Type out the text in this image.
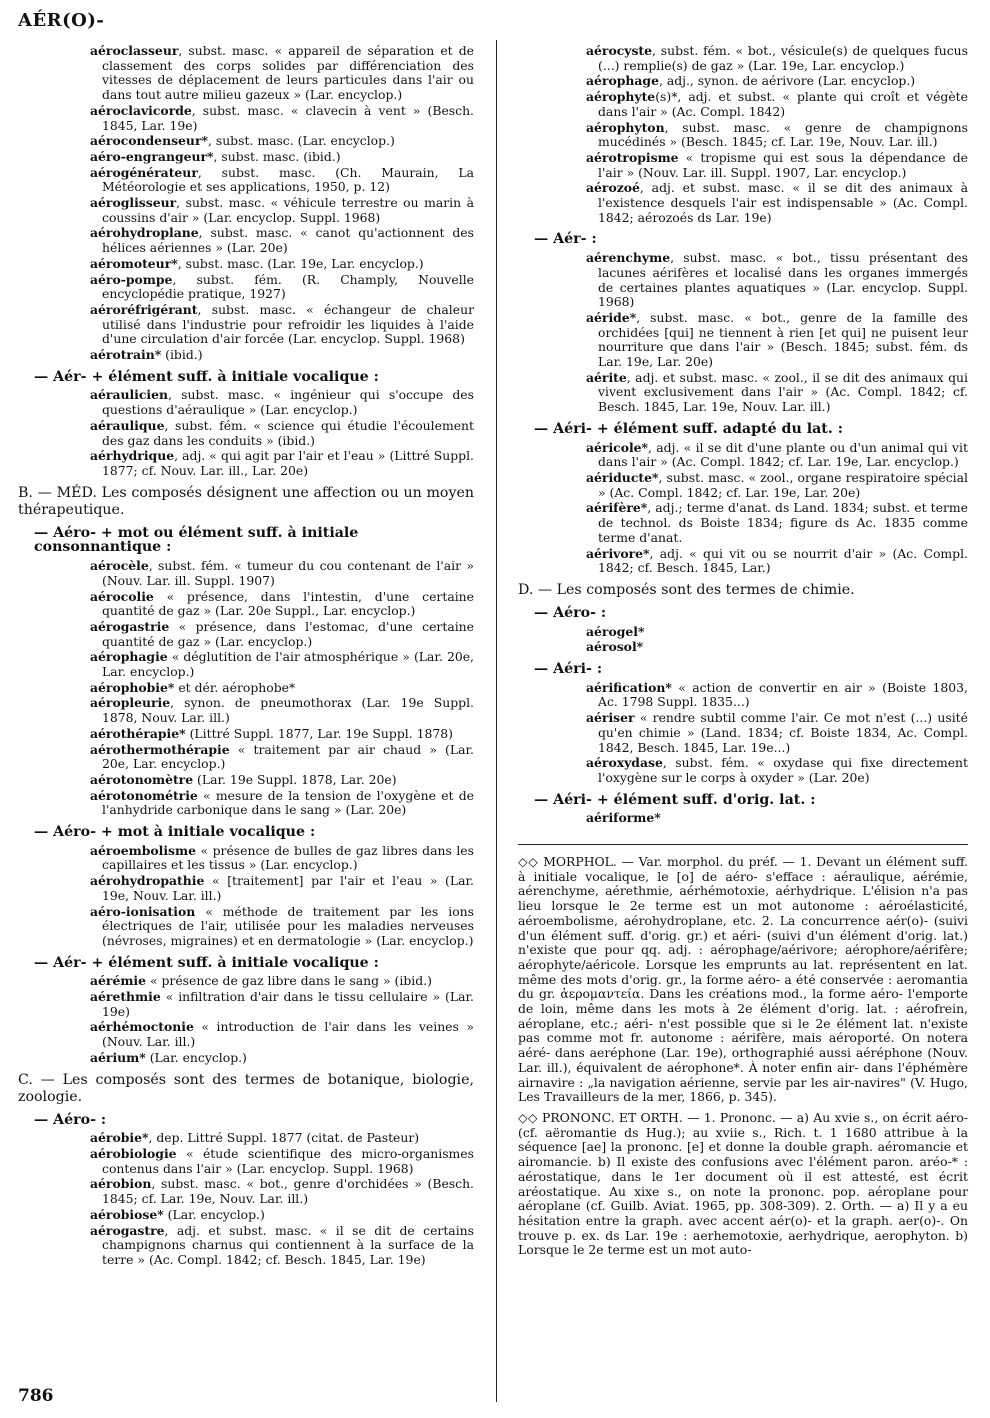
AÉR(O)-
aéroclasseur, subst. masc. « appareil de séparation et de classement des corps solides par différenciation des vitesses de déplacement de leurs particules dans l'air ou dans tout autre milieu gazeux » (Lar. encyclop.)
aéroclavicorde, subst. masc. « clavecin à vent » (Besch. 1845, Lar. 19e)
aérocondenseur*, subst. masc. (Lar. encyclop.)
aéro-engrangeur*, subst. masc. (ibid.)
aérogénérateur, subst. masc. (Ch. Maurain, La Météorologie et ses applications, 1950, p. 12)
aéroglisseur, subst. masc. « véhicule terrestre ou marin à coussins d'air » (Lar. encyclop. Suppl. 1968)
aérohydroplane, subst. masc. « canot qu'actionnent des hélices aériennes » (Lar. 20e)
aéromoteur*, subst. masc. (Lar. 19e, Lar. encyclop.)
aéro-pompe, subst. fém. (R. Champly, Nouvelle encyclopédie pratique, 1927)
aéroréfrigérant, subst. masc. « échangeur de chaleur utilisé dans l'industrie pour refroidir les liquides à l'aide d'une circulation d'air forcée (Lar. encyclop. Suppl. 1968)
aérotrain* (ibid.)
— Aér- + élément suff. à initiale vocalique :
aéraulicien, subst. masc. « ingénieur qui s'occupe des questions d'aéraulique » (Lar. encyclop.)
aéraulique, subst. fém. « science qui étudie l'écoulement des gaz dans les conduits » (ibid.)
aérhydrique, adj. « qui agit par l'air et l'eau » (Littré Suppl. 1877; cf. Nouv. Lar. ill., Lar. 20e)
B. — MÉD. Les composés désignent une affection ou un moyen thérapeutique.
— Aéro- + mot ou élément suff. à initiale consonnantique :
aérocèle, subst. fém. « tumeur du cou contenant de l'air » (Nouv. Lar. ill. Suppl. 1907)
aérocolie « présence, dans l'intestin, d'une certaine quantité de gaz » (Lar. 20e Suppl., Lar. encyclop.)
aérogastrie « présence, dans l'estomac, d'une certaine quantité de gaz » (Lar. encyclop.)
aérophagie « déglutition de l'air atmosphérique » (Lar. 20e, Lar. encyclop.)
aérophobie* et dér. aérophobe*
aéropleurie, synon. de pneumothorax (Lar. 19e Suppl. 1878, Nouv. Lar. ill.)
aérothérapie* (Littré Suppl. 1877, Lar. 19e Suppl. 1878)
aérothermothérapie « traitement par air chaud » (Lar. 20e, Lar. encyclop.)
aérotonomètre (Lar. 19e Suppl. 1878, Lar. 20e)
aérotonométrie « mesure de la tension de l'oxygène et de l'anhydride carbonique dans le sang » (Lar. 20e)
— Aéro- + mot à initiale vocalique :
aéroembolisme « présence de bulles de gaz libres dans les capillaires et les tissus » (Lar. encyclop.)
aérohydropathie « [traitement] par l'air et l'eau » (Lar. 19e, Nouv. Lar. ill.)
aéro-ionisation « méthode de traitement par les ions électriques de l'air, utilisée pour les maladies nerveuses (névroses, migraines) et en dermatologie » (Lar. encyclop.)
— Aér- + élément suff. à initiale vocalique :
aérémie « présence de gaz libre dans le sang » (ibid.)
aérethmie « infiltration d'air dans le tissu cellulaire » (Lar. 19e)
aérhémoctonie « introduction de l'air dans les veines » (Nouv. Lar. ill.)
aérium* (Lar. encyclop.)
C. — Les composés sont des termes de botanique, biologie, zoologie.
— Aéro- :
aérobie*, dep. Littré Suppl. 1877 (citat. de Pasteur)
aérobiologie « étude scientifique des micro-organismes contenus dans l'air » (Lar. encyclop. Suppl. 1968)
aérobion, subst. masc. « bot., genre d'orchidées » (Besch. 1845; cf. Lar. 19e, Nouv. Lar. ill.)
aérobiose* (Lar. encyclop.)
aérogastre, adj. et subst. masc. « il se dit de certains champignons charnus qui contiennent à la surface de la terre » (Ac. Compl. 1842; cf. Besch. 1845, Lar. 19e)
aérocyste, subst. fém. « bot., vésicule(s) de quelques fucus (...) remplie(s) de gaz » (Lar. 19e, Lar. encyclop.)
aérophage, adj., synon. de aérivore (Lar. encyclop.)
aérophyte(s)*, adj. et subst. « plante qui croît et végète dans l'air » (Ac. Compl. 1842)
aérophyton, subst. masc. « genre de champignons mucédinés » (Besch. 1845; cf. Lar. 19e, Nouv. Lar. ill.)
aérotropisme « tropisme qui est sous la dépendance de l'air » (Nouv. Lar. ill. Suppl. 1907, Lar. encyclop.)
aérozoé, adj. et subst. masc. « il se dit des animaux à l'existence desquels l'air est indispensable » (Ac. Compl. 1842; aérozoés ds Lar. 19e)
— Aér- :
aérenchyme, subst. masc. « bot., tissu présentant des lacunes aérifères et localisé dans les organes immergés de certaines plantes aquatiques » (Lar. encyclop. Suppl. 1968)
aéride*, subst. masc. « bot., genre de la famille des orchidées [qui] ne tiennent à rien [et qui] ne puisent leur nourriture que dans l'air » (Besch. 1845; subst. fém. ds Lar. 19e, Lar. 20e)
aérite, adj. et subst. masc. « zool., il se dit des animaux qui vivent exclusivement dans l'air » (Ac. Compl. 1842; cf. Besch. 1845, Lar. 19e, Nouv. Lar. ill.)
— Aéri- + élément suff. adapté du lat. :
aéricole*, adj. « il se dit d'une plante ou d'un animal qui vit dans l'air » (Ac. Compl. 1842; cf. Lar. 19e, Lar. encyclop.)
aériducte*, subst. masc. « zool., organe respiratoire spécial » (Ac. Compl. 1842; cf. Lar. 19e, Lar. 20e)
aérifère*, adj.; terme d'anat. ds Land. 1834; subst. et terme de technol. ds Boiste 1834; figure ds Ac. 1835 comme terme d'anat.
aérivore*, adj. « qui vit ou se nourrit d'air » (Ac. Compl. 1842; cf. Besch. 1845, Lar.)
D. — Les composés sont des termes de chimie.
— Aéro- :
aérogel*
aérosol*
— Aéri- :
aérification* « action de convertir en air » (Boiste 1803, Ac. 1798 Suppl. 1835...)
aériser « rendre subtil comme l'air. Ce mot n'est (...) usité qu'en chimie » (Land. 1834; cf. Boiste 1834, Ac. Compl. 1842, Besch. 1845, Lar. 19e...)
aéroxydase, subst. fém. « oxydase qui fixe directement l'oxygène sur le corps à oxyder » (Lar. 20e)
— Aéri- + élément suff. d'orig. lat. :
aériforme*
◇◇ MORPHOL. — Var. morphol. du préf. — 1. Devant un élément suff. à initiale vocalique, le [o] de aéro- s'efface : aéraulique, aérémie, aérenchyme, aérethmie, aérhémotoxie, aérhydrique. L'élision n'a pas lieu lorsque le 2e terme est un mot autonome : aéroélasticité, aéroembolisme, aérohydroplane, etc. 2. La concurrence aér(o)- (suivi d'un élément suff. d'orig. gr.) et aéri- (suivi d'un élément d'orig. lat.) n'existe que pour qq. adj. : aérophage/aérivore; aérophore/aérifère; aérophyte/aéricole. Lorsque les emprunts au lat. représentent en lat. même des mots d'orig. gr., la forme aéro- a été conservée : aeromantia du gr. ἀερομαντεία. Dans les créations mod., la forme aéro- l'emporte de loin, même dans les mots à 2e élément d'orig. lat. : aérofrein, aéroplane, etc.; aéri- n'est possible que si le 2e élément lat. n'existe pas comme mot fr. autonome : aérifère, mais aéroporté. On notera aéré- dans aeréphone (Lar. 19e), orthographié aussi aéréphone (Nouv. Lar. ill.), équivalent de aérophone*. À noter enfin air- dans l'éphémère airnavire : „la navigation aérienne, servie par les air-navires" (V. Hugo, Les Travailleurs de la mer, 1866, p. 345).
◇◇ PRONONC. ET ORTH. — 1. Prononc. — a) Au xvie s., on écrit aéro- (cf. aëromantie ds Hug.); au xviie s., Rich. t. 1 1680 attribue à la séquence [ae] la prononc. [e] et donne la double graph. aéromancie et airomancie. b) Il existe des confusions avec l'élément paron. aréo-* : aérostatique, dans le 1er document où il est attesté, est écrit aréostatique. Au xixe s., on note la prononc. pop. aéroplane pour aéroplane (cf. Guilb. Aviat. 1965, pp. 308-309). 2. Orth. — a) Il y a eu hésitation entre la graph. avec accent aér(o)- et la graph. aer(o)-. On trouve p. ex. ds Lar. 19e : aerhemotoxie, aerhydrique, aerophyton. b) Lorsque le 2e terme est un mot auto-
786
